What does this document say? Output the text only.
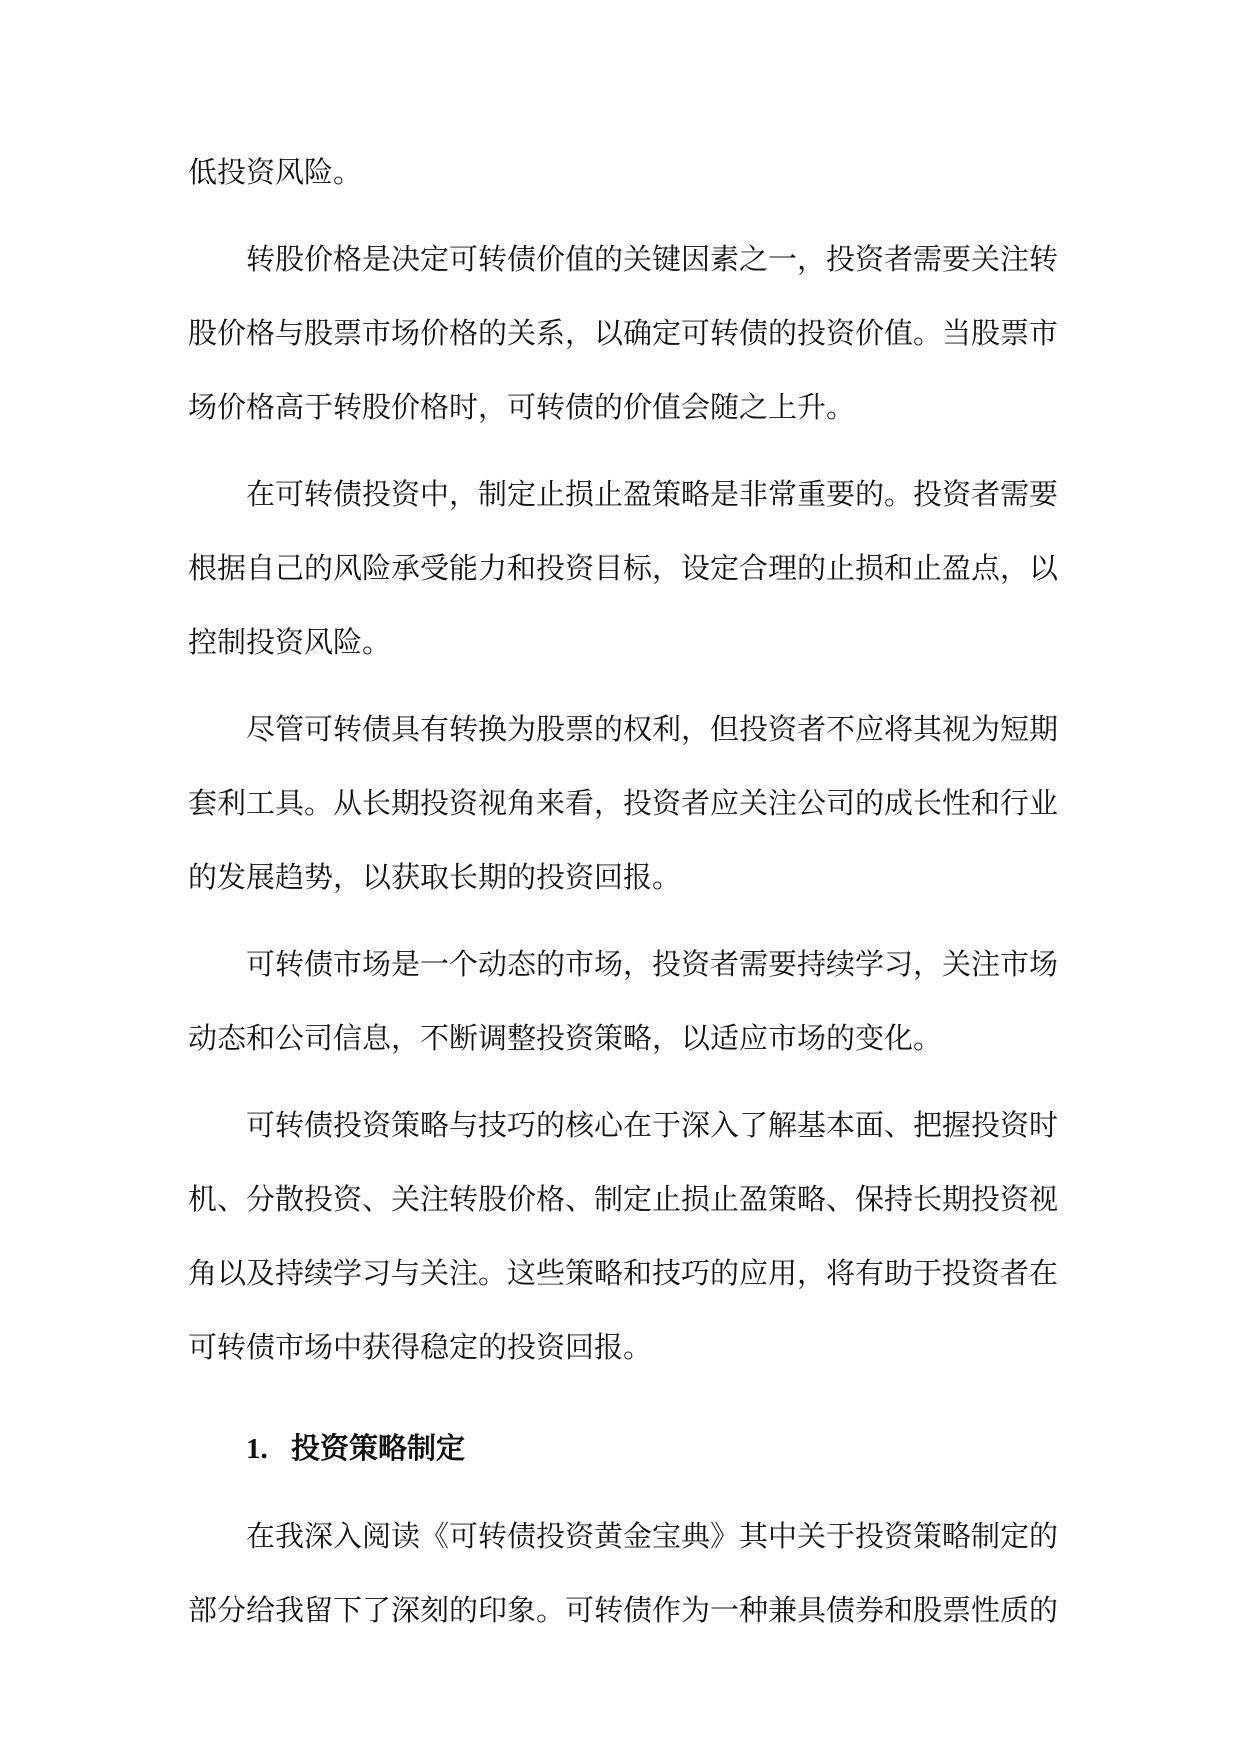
低投资风险。

转股价格是决定可转债价值的关键因素之一，投资者需要关注转股价格与股票市场价格的关系，以确定可转债的投资价值。当股票市场价格高于转股价格时，可转债的价值会随之上升。

在可转债投资中，制定止损止盈策略是非常重要的。投资者需要根据自己的风险承受能力和投资目标，设定合理的止损和止盈点，以控制投资风险。

尽管可转债具有转换为股票的权利，但投资者不应将其视为短期套利工具。从长期投资视角来看，投资者应关注公司的成长性和行业的发展趋势，以获取长期的投资回报。

可转债市场是一个动态的市场，投资者需要持续学习，关注市场动态和公司信息，不断调整投资策略，以适应市场的变化。

可转债投资策略与技巧的核心在于深入了解基本面、把握投资时机、分散投资、关注转股价格、制定止损止盈策略、保持长期投资视角以及持续学习与关注。这些策略和技巧的应用，将有助于投资者在可转债市场中获得稳定的投资回报。

1. 投资策略制定

在我深入阅读《可转债投资黄金宝典》其中关于投资策略制定的部分给我留下了深刻的印象。可转债作为一种兼具债券和股票性质的
